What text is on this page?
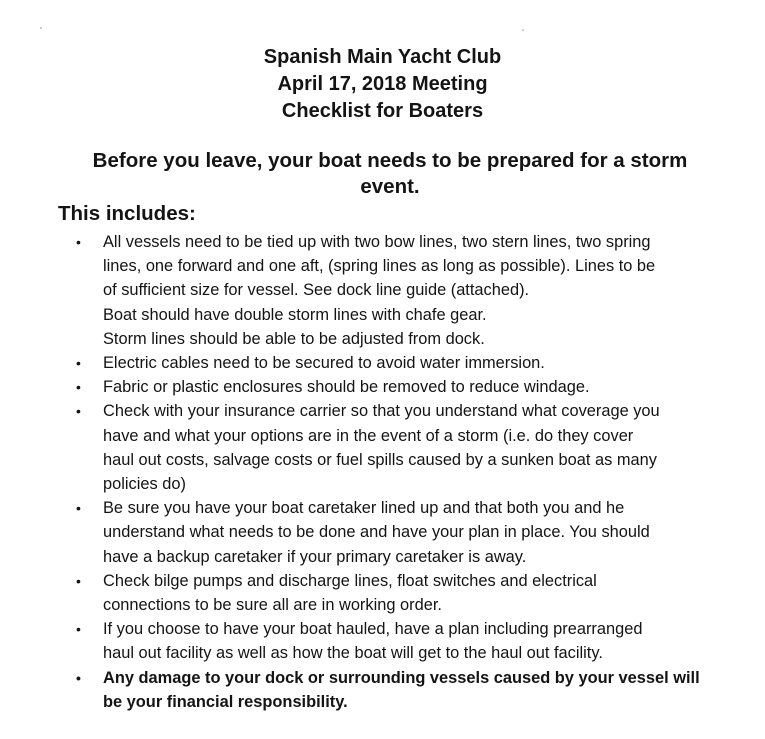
Spanish Main Yacht Club
April 17, 2018 Meeting
Checklist for Boaters
Before you leave, your boat needs to be prepared for a storm
event.
This includes:
• All vessels need to be tied up with two bow lines, two stern lines, two spring
lines, one forward and one aft, (spring lines as long as possible). Lines to be
of sufficient size for vessel. See dock line guide (attached).
Boat should have double storm lines with chafe gear.
Storm lines should be able to be adjusted from dock.
• Electric cables need to be secured to avoid water immersion.
• Fabric or plastic enclosures should be removed to reduce windage.
• Check with your insurance carrier so that you understand what coverage you
have and what your options are in the event of a storm (i.e. do they cover
haul out costs, salvage costs or fuel spills caused by a sunken boat as many
policies do)
• Be sure you have your boat caretaker lined up and that both you and he
understand what needs to be done and have your plan in place. You should
have a backup caretaker if your primary caretaker is away.
• Check bilge pumps and discharge lines, float switches and electrical
connections to be sure all are in working order.
• If you choose to have your boat hauled, have a plan including prearranged
haul out facility as well as how the boat will get to the haul out facility.
• Any damage to your dock or surrounding vessels caused by your vessel will
be your financial responsibility.
